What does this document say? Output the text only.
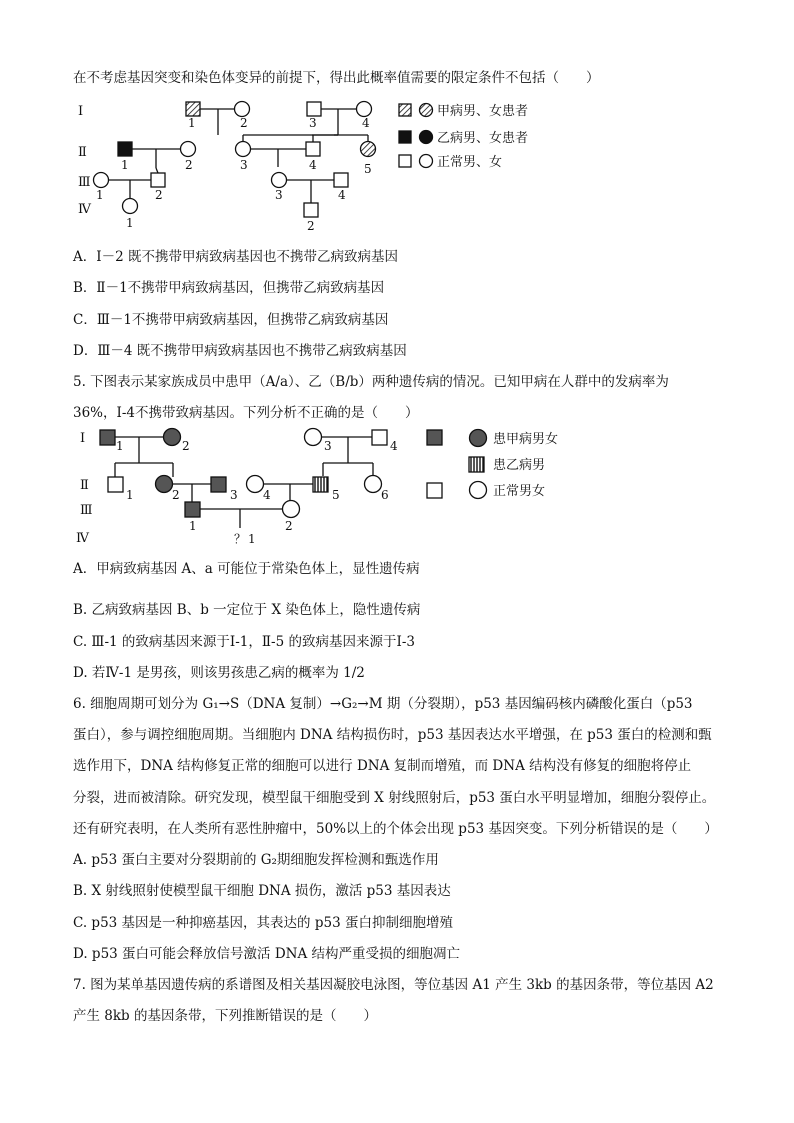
在不考虑基因突变和染色体变异的前提下，得出此概率值需要的限定条件不包括（　　）
Ⅰ
Ⅱ
Ⅲ
Ⅳ
1	2	3	4
1	2	3	4	5
1	2	3	4
1	2
甲病男、女患者
乙病男、女患者
正常男、女
A．Ⅰ－2 既不携带甲病致病基因也不携带乙病致病基因
B．Ⅱ－1不携带甲病致病基因，但携带乙病致病基因
C．Ⅲ－1不携带甲病致病基因，但携带乙病致病基因
D．Ⅲ－4 既不携带甲病致病基因也不携带乙病致病基因
5. 下图表示某家族成员中患甲（A/a）、乙（B/b）两种遗传病的情况。已知甲病在人群中的发病率为
36%，Ⅰ-4不携带致病基因。下列分析不正确的是（　　）
Ⅰ
Ⅱ
Ⅲ
Ⅳ
1	2	3	4
1	2	3 4	5	6
1	2
？ 1
患甲病男女
患乙病男
正常男女
A．甲病致病基因 A、a 可能位于常染色体上，显性遗传病
B. 乙病致病基因 B、b 一定位于 X 染色体上，隐性遗传病
C. Ⅲ-1 的致病基因来源于Ⅰ-1，Ⅱ-5 的致病基因来源于Ⅰ-3
D. 若Ⅳ-1 是男孩，则该男孩患乙病的概率为 1/2
6. 细胞周期可划分为 G₁→S（DNA 复制）→G₂→M 期（分裂期），p53 基因编码核内磷酸化蛋白（p53
蛋白），参与调控细胞周期。当细胞内 DNA 结构损伤时，p53 基因表达水平增强，在 p53 蛋白的检测和甄
选作用下，DNA 结构修复正常的细胞可以进行 DNA 复制而增殖，而 DNA 结构没有修复的细胞将停止
分裂，进而被清除。研究发现，模型鼠干细胞受到 X 射线照射后，p53 蛋白水平明显增加，细胞分裂停止。
还有研究表明，在人类所有恶性肿瘤中，50%以上的个体会出现 p53 基因突变。下列分析错误的是（　　）
A. p53 蛋白主要对分裂期前的 G₂期细胞发挥检测和甄选作用
B. X 射线照射使模型鼠干细胞 DNA 损伤，激活 p53 基因表达
C. p53 基因是一种抑癌基因，其表达的 p53 蛋白抑制细胞增殖
D. p53 蛋白可能会释放信号激活 DNA 结构严重受损的细胞凋亡
7. 图为某单基因遗传病的系谱图及相关基因凝胶电泳图，等位基因 A1 产生 3kb 的基因条带，等位基因 A2
产生 8kb 的基因条带，下列推断错误的是（　　）
